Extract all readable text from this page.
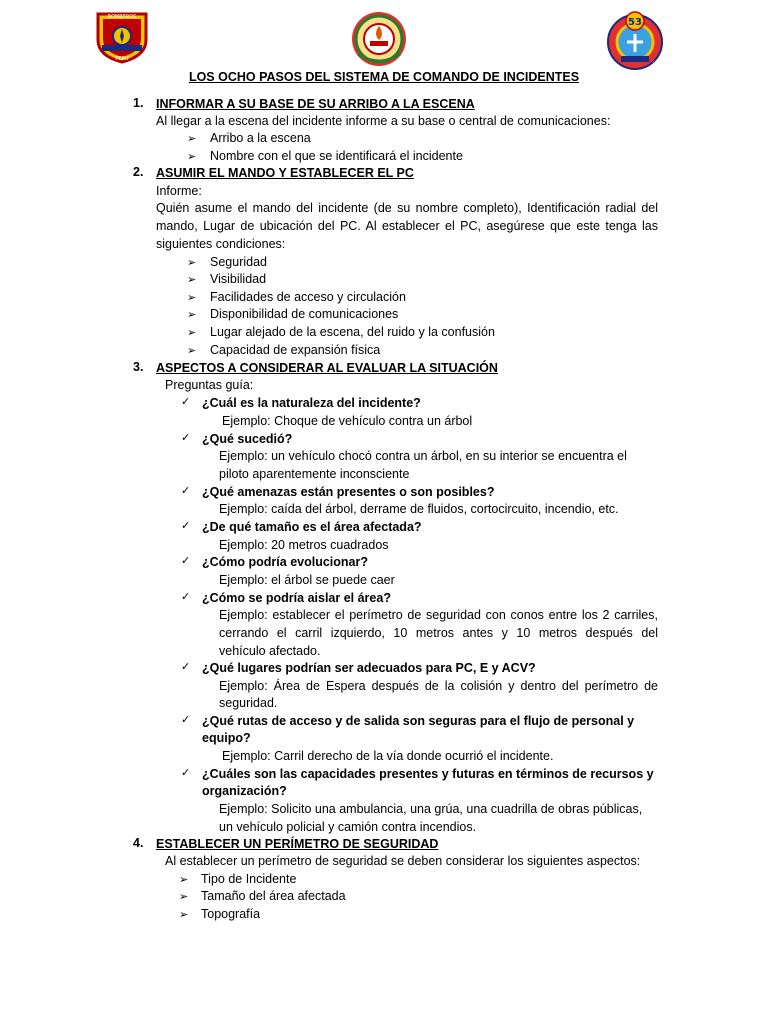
BOMBEROS
PERU
53
LOS OCHO PASOS DEL SISTEMA DE COMANDO DE INCIDENTES
1. INFORMAR A SU BASE DE SU ARRIBO A LA ESCENA
Al llegar a la escena del incidente informe a su base o central de comunicaciones:
➢ Arribo a la escena
➢ Nombre con el que se identificará el incidente
2. ASUMIR EL MANDO Y ESTABLECER EL PC
Informe:
Quién asume el mando del incidente (de su nombre completo), Identificación radial del
mando, Lugar de ubicación del PC. Al establecer el PC, asegúrese que este tenga las
siguientes condiciones:
➢ Seguridad
➢ Visibilidad
➢ Facilidades de acceso y circulación
➢ Disponibilidad de comunicaciones
➢ Lugar alejado de la escena, del ruido y la confusión
➢ Capacidad de expansión física
3. ASPECTOS A CONSIDERAR AL EVALUAR LA SITUACIÓN
Preguntas guía:
✓ ¿Cuál es la naturaleza del incidente?
Ejemplo: Choque de vehículo contra un árbol
✓ ¿Qué sucedió?
Ejemplo: un vehículo chocó contra un árbol, en su interior se encuentra el
piloto aparentemente inconsciente
✓ ¿Qué amenazas están presentes o son posibles?
Ejemplo: caída del árbol, derrame de fluidos, cortocircuito, incendio, etc.
✓ ¿De qué tamaño es el área afectada?
Ejemplo: 20 metros cuadrados
✓ ¿Cómo podría evolucionar?
Ejemplo: el árbol se puede caer
✓ ¿Cómo se podría aislar el área?
Ejemplo: establecer el perímetro de seguridad con conos entre los 2 carriles,
cerrando el carril izquierdo, 10 metros antes y 10 metros después del
vehículo afectado.
✓ ¿Qué lugares podrían ser adecuados para PC, E y ACV?
Ejemplo: Área de Espera después de la colisión y dentro del perímetro de
seguridad.
✓ ¿Qué rutas de acceso y de salida son seguras para el flujo de personal y
equipo?
Ejemplo: Carril derecho de la vía donde ocurrió el incidente.
✓ ¿Cuáles son las capacidades presentes y futuras en términos de recursos y
organización?
Ejemplo: Solicito una ambulancia, una grúa, una cuadrilla de obras públicas,
un vehículo policial y camión contra incendios.
4. ESTABLECER UN PERÍMETRO DE SEGURIDAD
Al establecer un perímetro de seguridad se deben considerar los siguientes aspectos:
➢ Tipo de Incidente
➢ Tamaño del área afectada
➢ Topografía
